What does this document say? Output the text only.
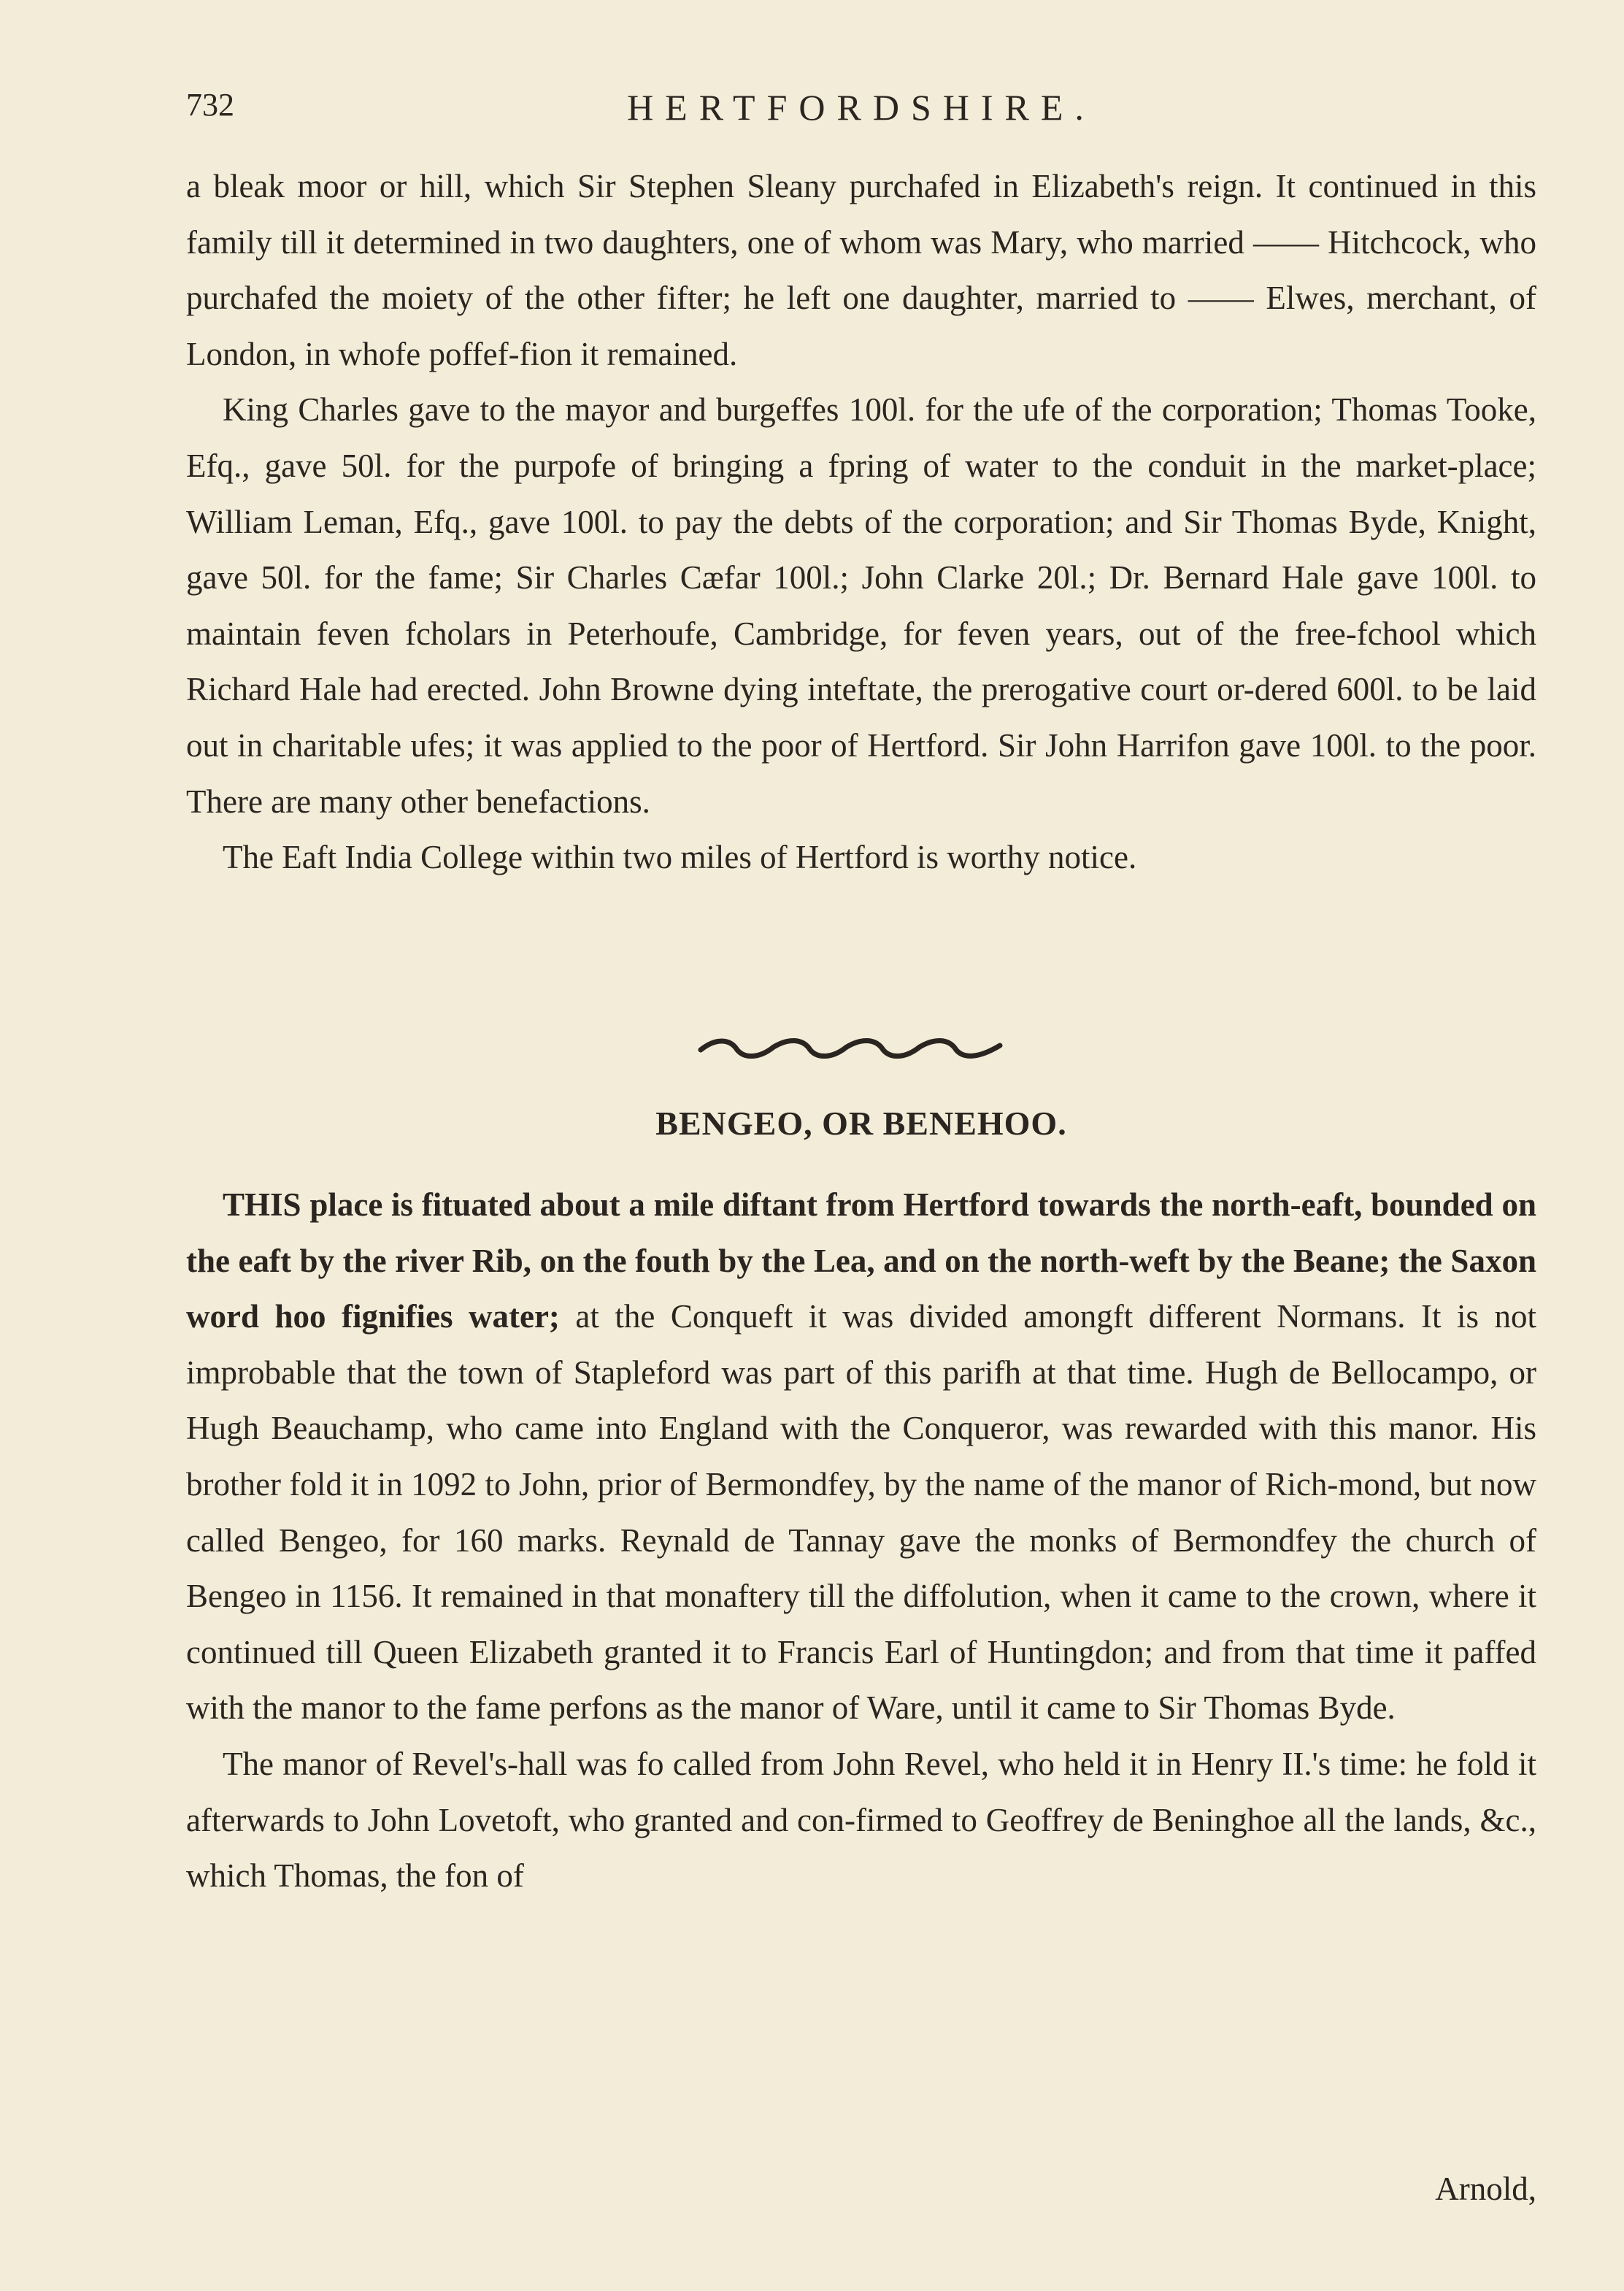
732	HERTFORDSHIRE.

a bleak moor or hill, which Sir Stephen Sleany purchafed in Elizabeth's reign. It continued in this family till it determined in two daughters, one of whom was Mary, who married —— Hitchcock, who purchafed the moiety of the other fifter; he left one daughter, married to —— Elwes, merchant, of London, in whofe poffef-fion it remained.

King Charles gave to the mayor and burgeffes 100l. for the ufe of the corporation; Thomas Tooke, Efq., gave 50l. for the purpofe of bringing a fpring of water to the conduit in the market-place; William Leman, Efq., gave 100l. to pay the debts of the corporation; and Sir Thomas Byde, Knight, gave 50l. for the fame; Sir Charles Cæfar 100l.; John Clarke 20l.; Dr. Bernard Hale gave 100l. to maintain feven fcholars in Peterhoufe, Cambridge, for feven years, out of the free-fchool which Richard Hale had erected. John Browne dying inteftate, the prerogative court or-dered 600l. to be laid out in charitable ufes; it was applied to the poor of Hertford. Sir John Harrifon gave 100l. to the poor. There are many other benefactions.

The Eaft India College within two miles of Hertford is worthy notice.

BENGEO, OR BENEHOO.

THIS place is fituated about a mile diftant from Hertford towards the north-eaft, bounded on the eaft by the river Rib, on the fouth by the Lea, and on the north-weft by the Beane; the Saxon word hoo fignifies water; at the Conqueft it was divided amongft different Normans. It is not improbable that the town of Stapleford was part of this parifh at that time. Hugh de Bellocampo, or Hugh Beauchamp, who came into England with the Conqueror, was rewarded with this manor. His brother fold it in 1092 to John, prior of Bermondfey, by the name of the manor of Rich-mond, but now called Bengeo, for 160 marks. Reynald de Tannay gave the monks of Bermondfey the church of Bengeo in 1156. It remained in that monaftery till the diffolution, when it came to the crown, where it continued till Queen Elizabeth granted it to Francis Earl of Huntingdon; and from that time it paffed with the manor to the fame perfons as the manor of Ware, until it came to Sir Thomas Byde.

The manor of Revel's-hall was fo called from John Revel, who held it in Henry II.'s time: he fold it afterwards to John Lovetoft, who granted and con-firmed to Geoffrey de Beninghoe all the lands, &c., which Thomas, the fon of

Arnold,
